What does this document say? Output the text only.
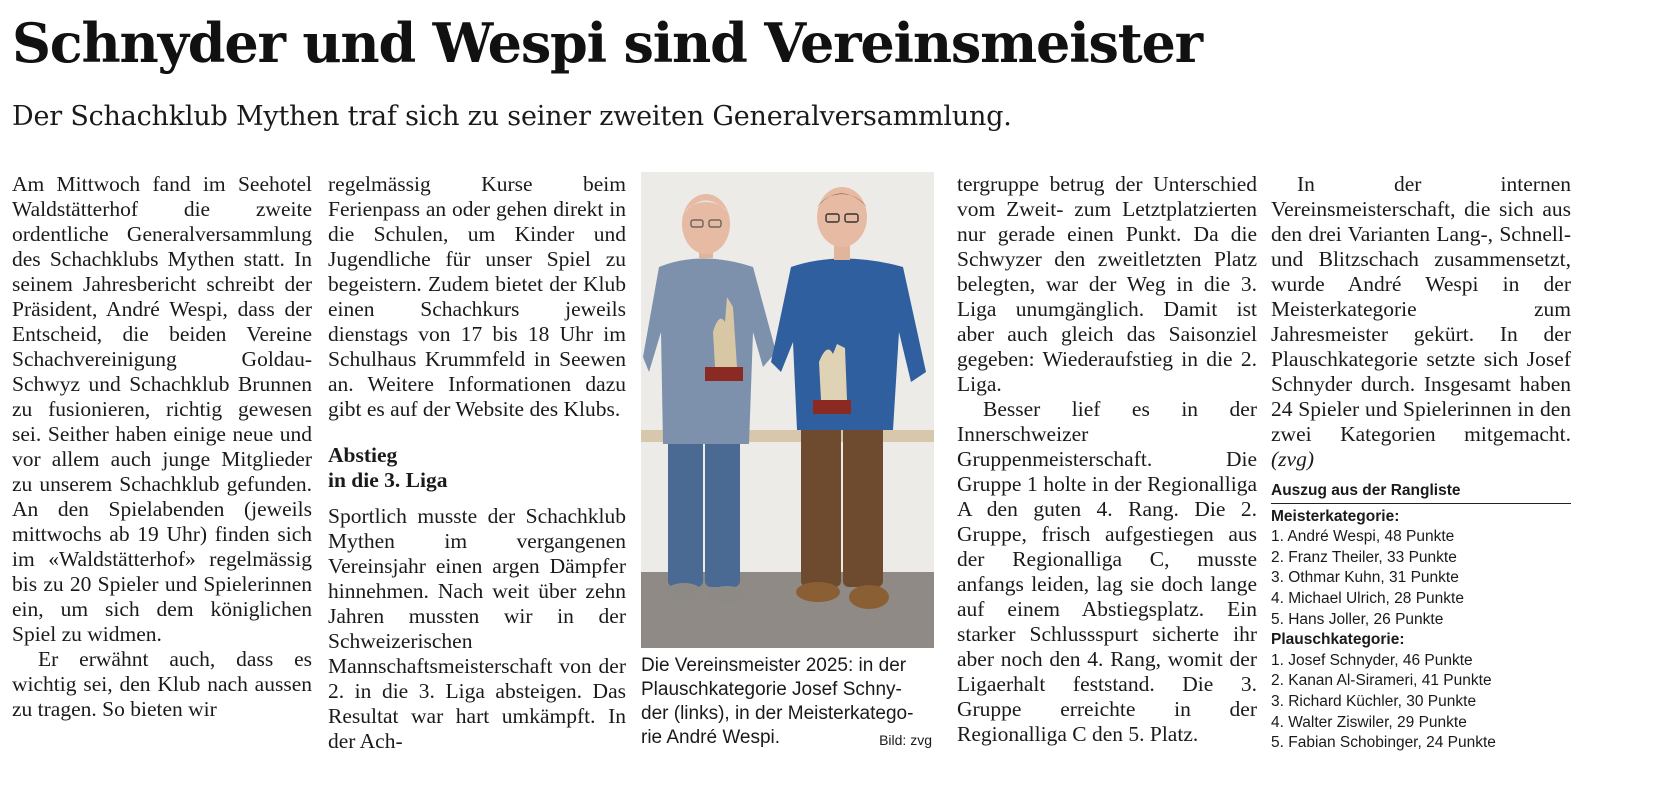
Schnyder und Wespi sind Vereinsmeister
Der Schachklub Mythen traf sich zu seiner zweiten Generalversammlung.

Am Mittwoch fand im Seehotel Waldstätterhof die zweite ordentliche Generalversammlung des Schachklubs Mythen statt. In seinem Jahresbericht schreibt der Präsident, André Wespi, dass der Entscheid, die beiden Vereine Schachvereinigung Goldau-Schwyz und Schachklub Brunnen zu fusionieren, richtig gewesen sei. Seither haben einige neue und vor allem auch junge Mitglieder zu unserem Schachklub gefunden. An den Spielabenden (jeweils mittwochs ab 19 Uhr) finden sich im «Waldstätterhof» regelmässig bis zu 20 Spieler und Spielerinnen ein, um sich dem königlichen Spiel zu widmen.

Er erwähnt auch, dass es wichtig sei, den Klub nach aussen zu tragen. So bieten wir

regelmässig Kurse beim Ferienpass an oder gehen direkt in die Schulen, um Kinder und Jugendliche für unser Spiel zu begeistern. Zudem bietet der Klub einen Schachkurs jeweils dienstags von 17 bis 18 Uhr im Schulhaus Krummfeld in Seewen an. Weitere Informationen dazu gibt es auf der Website des Klubs.

Abstieg
in die 3. Liga

Sportlich musste der Schachklub Mythen im vergangenen Vereinsjahr einen argen Dämpfer hinnehmen. Nach weit über zehn Jahren mussten wir in der Schweizerischen Mannschaftsmeisterschaft von der 2. in die 3. Liga absteigen. Das Resultat war hart umkämpft. In der Ach-

Die Vereinsmeister 2025: in der
Plauschkategorie Josef Schny-
der (links), in der Meisterkatego-
rie André Wespi.	Bild: zvg

tergruppe betrug der Unterschied vom Zweit- zum Letztplatzierten nur gerade einen Punkt. Da die Schwyzer den zweitletzten Platz belegten, war der Weg in die 3. Liga unumgänglich. Damit ist aber auch gleich das Saisonziel gegeben: Wiederaufstieg in die 2. Liga.

Besser lief es in der Innerschweizer Gruppenmeisterschaft. Die Gruppe 1 holte in der Regionalliga A den guten 4. Rang. Die 2. Gruppe, frisch aufgestiegen aus der Regionalliga C, musste anfangs leiden, lag sie doch lange auf einem Abstiegsplatz. Ein starker Schlussspurt sicherte ihr aber noch den 4. Rang, womit der Ligaerhalt feststand. Die 3. Gruppe erreichte in der Regionalliga C den 5. Platz.

In der internen Vereinsmeisterschaft, die sich aus den drei Varianten Lang-, Schnell- und Blitzschach zusammensetzt, wurde André Wespi in der Meisterkategorie zum Jahresmeister gekürt. In der Plauschkategorie setzte sich Josef Schnyder durch. Insgesamt haben 24 Spieler und Spielerinnen in den zwei Kategorien mitgemacht. (zvg)

Auszug aus der Rangliste
Meisterkategorie:
1. André Wespi, 48 Punkte
2. Franz Theiler, 33 Punkte
3. Othmar Kuhn, 31 Punkte
4. Michael Ulrich, 28 Punkte
5. Hans Joller, 26 Punkte
Plauschkategorie:
1. Josef Schnyder, 46 Punkte
2. Kanan Al-Sirameri, 41 Punkte
3. Richard Küchler, 30 Punkte
4. Walter Ziswiler, 29 Punkte
5. Fabian Schobinger, 24 Punkte
